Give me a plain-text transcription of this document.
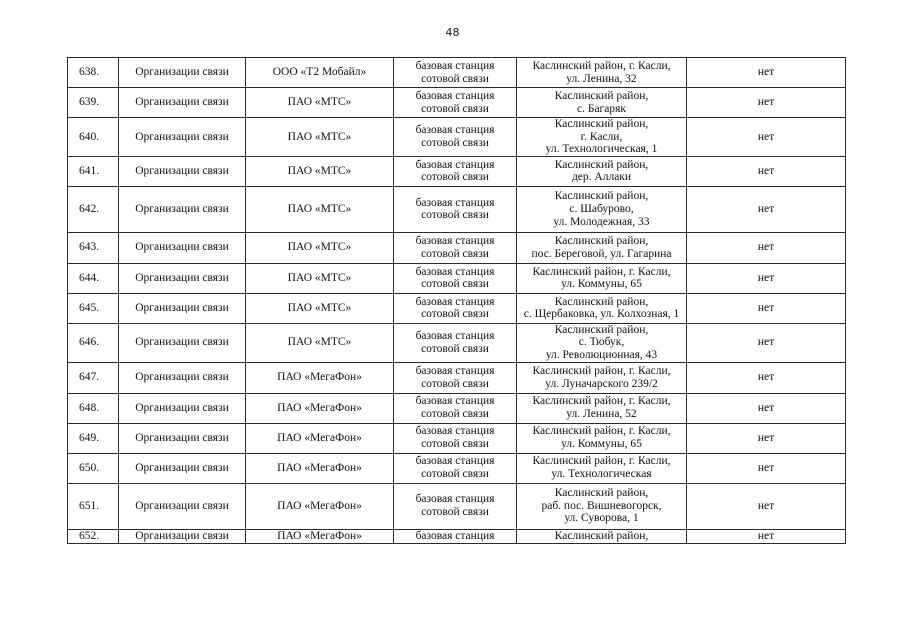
48
638.	Организации связи	ООО «Т2 Мобайл»	базовая станция
сотовой связи	Каслинский район, г. Касли,
ул. Ленина, 32	нет
639.	Организации связи	ПАО «МТС»	базовая станция
сотовой связи	Каслинский район,
с. Багаряк	нет
640.	Организации связи	ПАО «МТС»	базовая станция
сотовой связи	Каслинский район,
г. Касли,
ул. Технологическая, 1	нет
641.	Организации связи	ПАО «МТС»	базовая станция
сотовой связи	Каслинский район,
дер. Аллаки	нет
642.	Организации связи	ПАО «МТС»	базовая станция
сотовой связи	Каслинский район,
с. Шабурово,
ул. Молодежная, 33	нет
643.	Организации связи	ПАО «МТС»	базовая станция
сотовой связи	Каслинский район,
пос. Береговой, ул. Гагарина	нет
644.	Организации связи	ПАО «МТС»	базовая станция
сотовой связи	Каслинский район, г. Касли,
ул. Коммуны, 65	нет
645.	Организации связи	ПАО «МТС»	базовая станция
сотовой связи	Каслинский район,
с. Щербаковка, ул. Колхозная, 1	нет
646.	Организации связи	ПАО «МТС»	базовая станция
сотовой связи	Каслинский район,
с. Тюбук,
ул. Революционная, 43	нет
647.	Организации связи	ПАО «МегаФон»	базовая станция
сотовой связи	Каслинский район, г. Касли,
ул. Луначарского 239/2	нет
648.	Организации связи	ПАО «МегаФон»	базовая станция
сотовой связи	Каслинский район, г. Касли,
ул. Ленина, 52	нет
649.	Организации связи	ПАО «МегаФон»	базовая станция
сотовой связи	Каслинский район, г. Касли,
ул. Коммуны, 65	нет
650.	Организации связи	ПАО «МегаФон»	базовая станция
сотовой связи	Каслинский район, г. Касли,
ул. Технологическая	нет
651.	Организации связи	ПАО «МегаФон»	базовая станция
сотовой связи	Каслинский район,
раб. пос. Вишневогорск,
ул. Суворова, 1	нет
652.	Организации связи	ПАО «МегаФон»	базовая станция	Каслинский район,	нет
